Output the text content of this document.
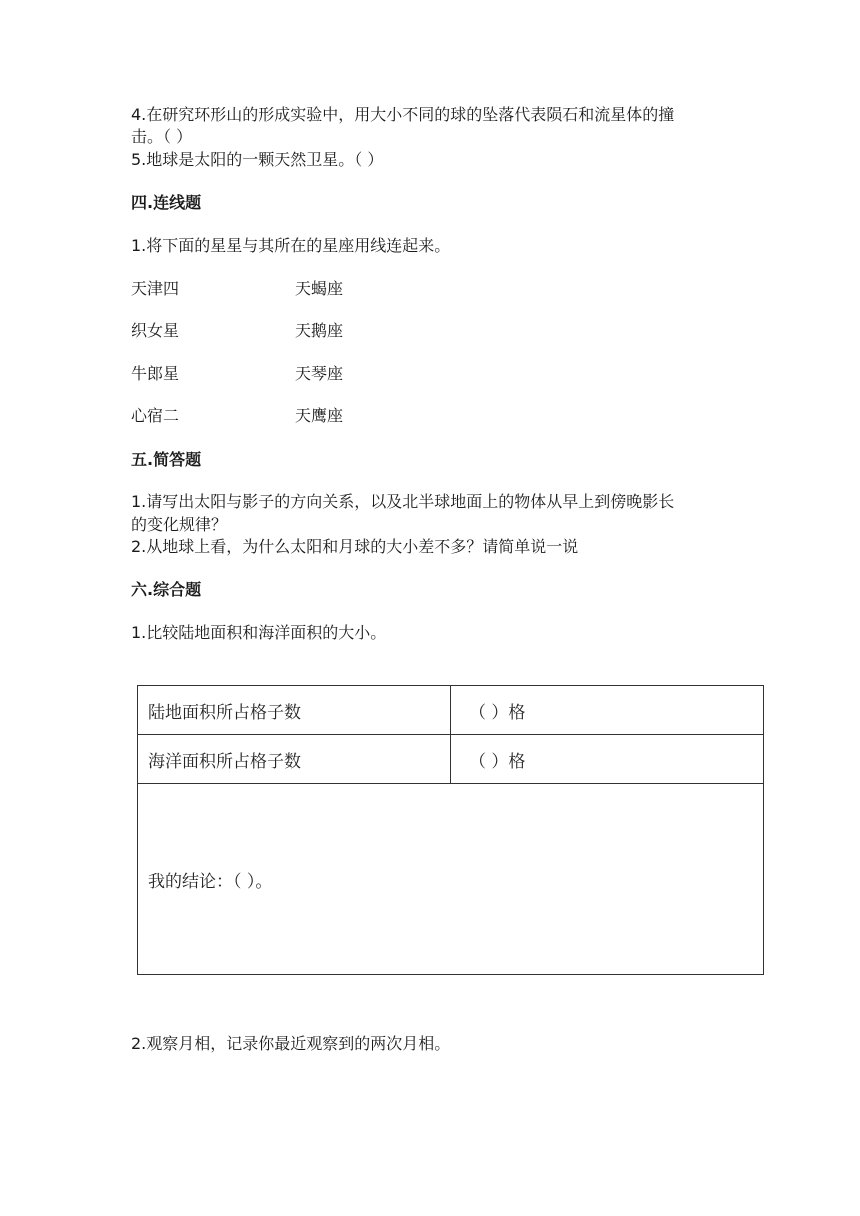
4.在研究环形山的形成实验中，用大小不同的球的坠落代表陨石和流星体的撞
击。（ ）
5.地球是太阳的一颗天然卫星。（ ）
四.连线题
1.将下面的星星与其所在的星座用线连起来。
天津四	天蝎座
织女星	天鹅座
牛郎星	天琴座
心宿二	天鹰座
五.简答题
1.请写出太阳与影子的方向关系，以及北半球地面上的物体从早上到傍晚影长
的变化规律？
2.从地球上看，为什么太阳和月球的大小差不多？请简单说一说
六.综合题
1.比较陆地面积和海洋面积的大小。
陆地面积所占格子数	（ ）格
海洋面积所占格子数	（ ）格
我的结论：（ ）。	
2.观察月相，记录你最近观察到的两次月相。
